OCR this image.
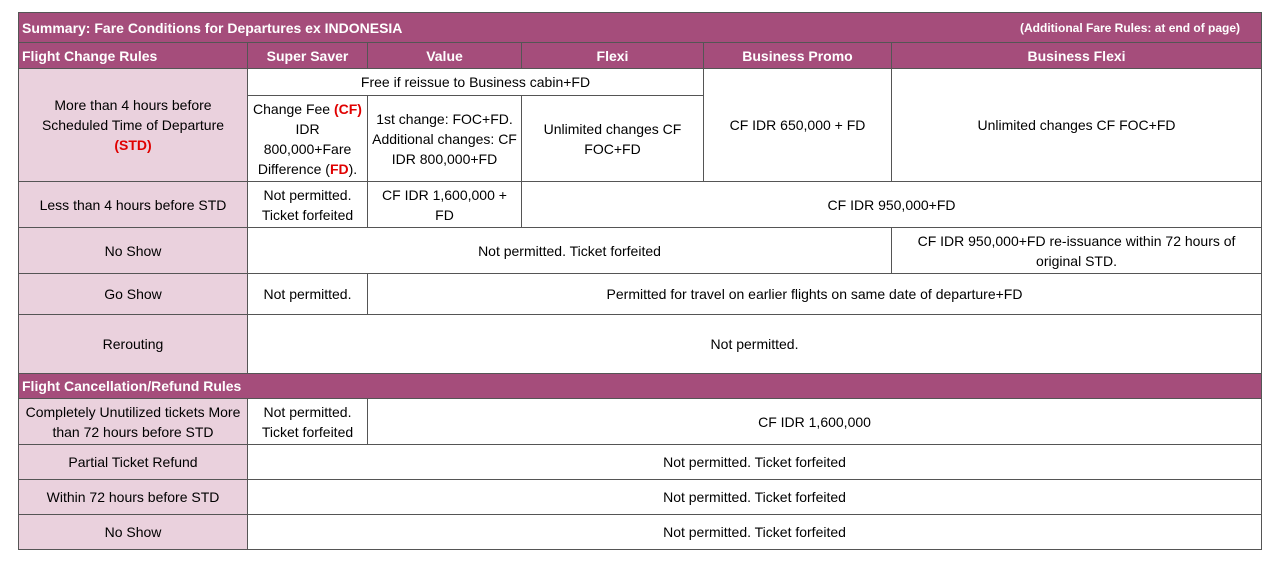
Summary: Fare Conditions for Departures ex INDONESIA (Additional Fare Rules: at end of page)					

Flight Change Rules	Super Saver	Value	Flexi	Business Promo	Business Flexi
More than 4 hours before Scheduled Time of Departure (STD)	Free if reissue to Business cabin+FD			CF IDR 650,000 + FD	Unlimited changes CF FOC+FD
	Change Fee (CF) IDR 800,000+Fare Difference (FD).	1st change: FOC+FD. Additional changes: CF IDR 800,000+FD	Unlimited changes CF FOC+FD		
Less than 4 hours before STD	Not permitted. Ticket forfeited	CF IDR 1,600,000 + FD	CF IDR 950,000+FD		
No Show	Not permitted. Ticket forfeited				CF IDR 950,000+FD re-issuance within 72 hours of original STD.
Go Show	Not permitted.	Permitted for travel on earlier flights on same date of departure+FD			
Rerouting	Not permitted.				
Flight Cancellation/Refund Rules					
Completely Unutilized tickets More than 72 hours before STD	Not permitted. Ticket forfeited	CF IDR 1,600,000			
Partial Ticket Refund	Not permitted. Ticket forfeited				
Within 72 hours before STD	Not permitted. Ticket forfeited				
No Show	Not permitted. Ticket forfeited				
